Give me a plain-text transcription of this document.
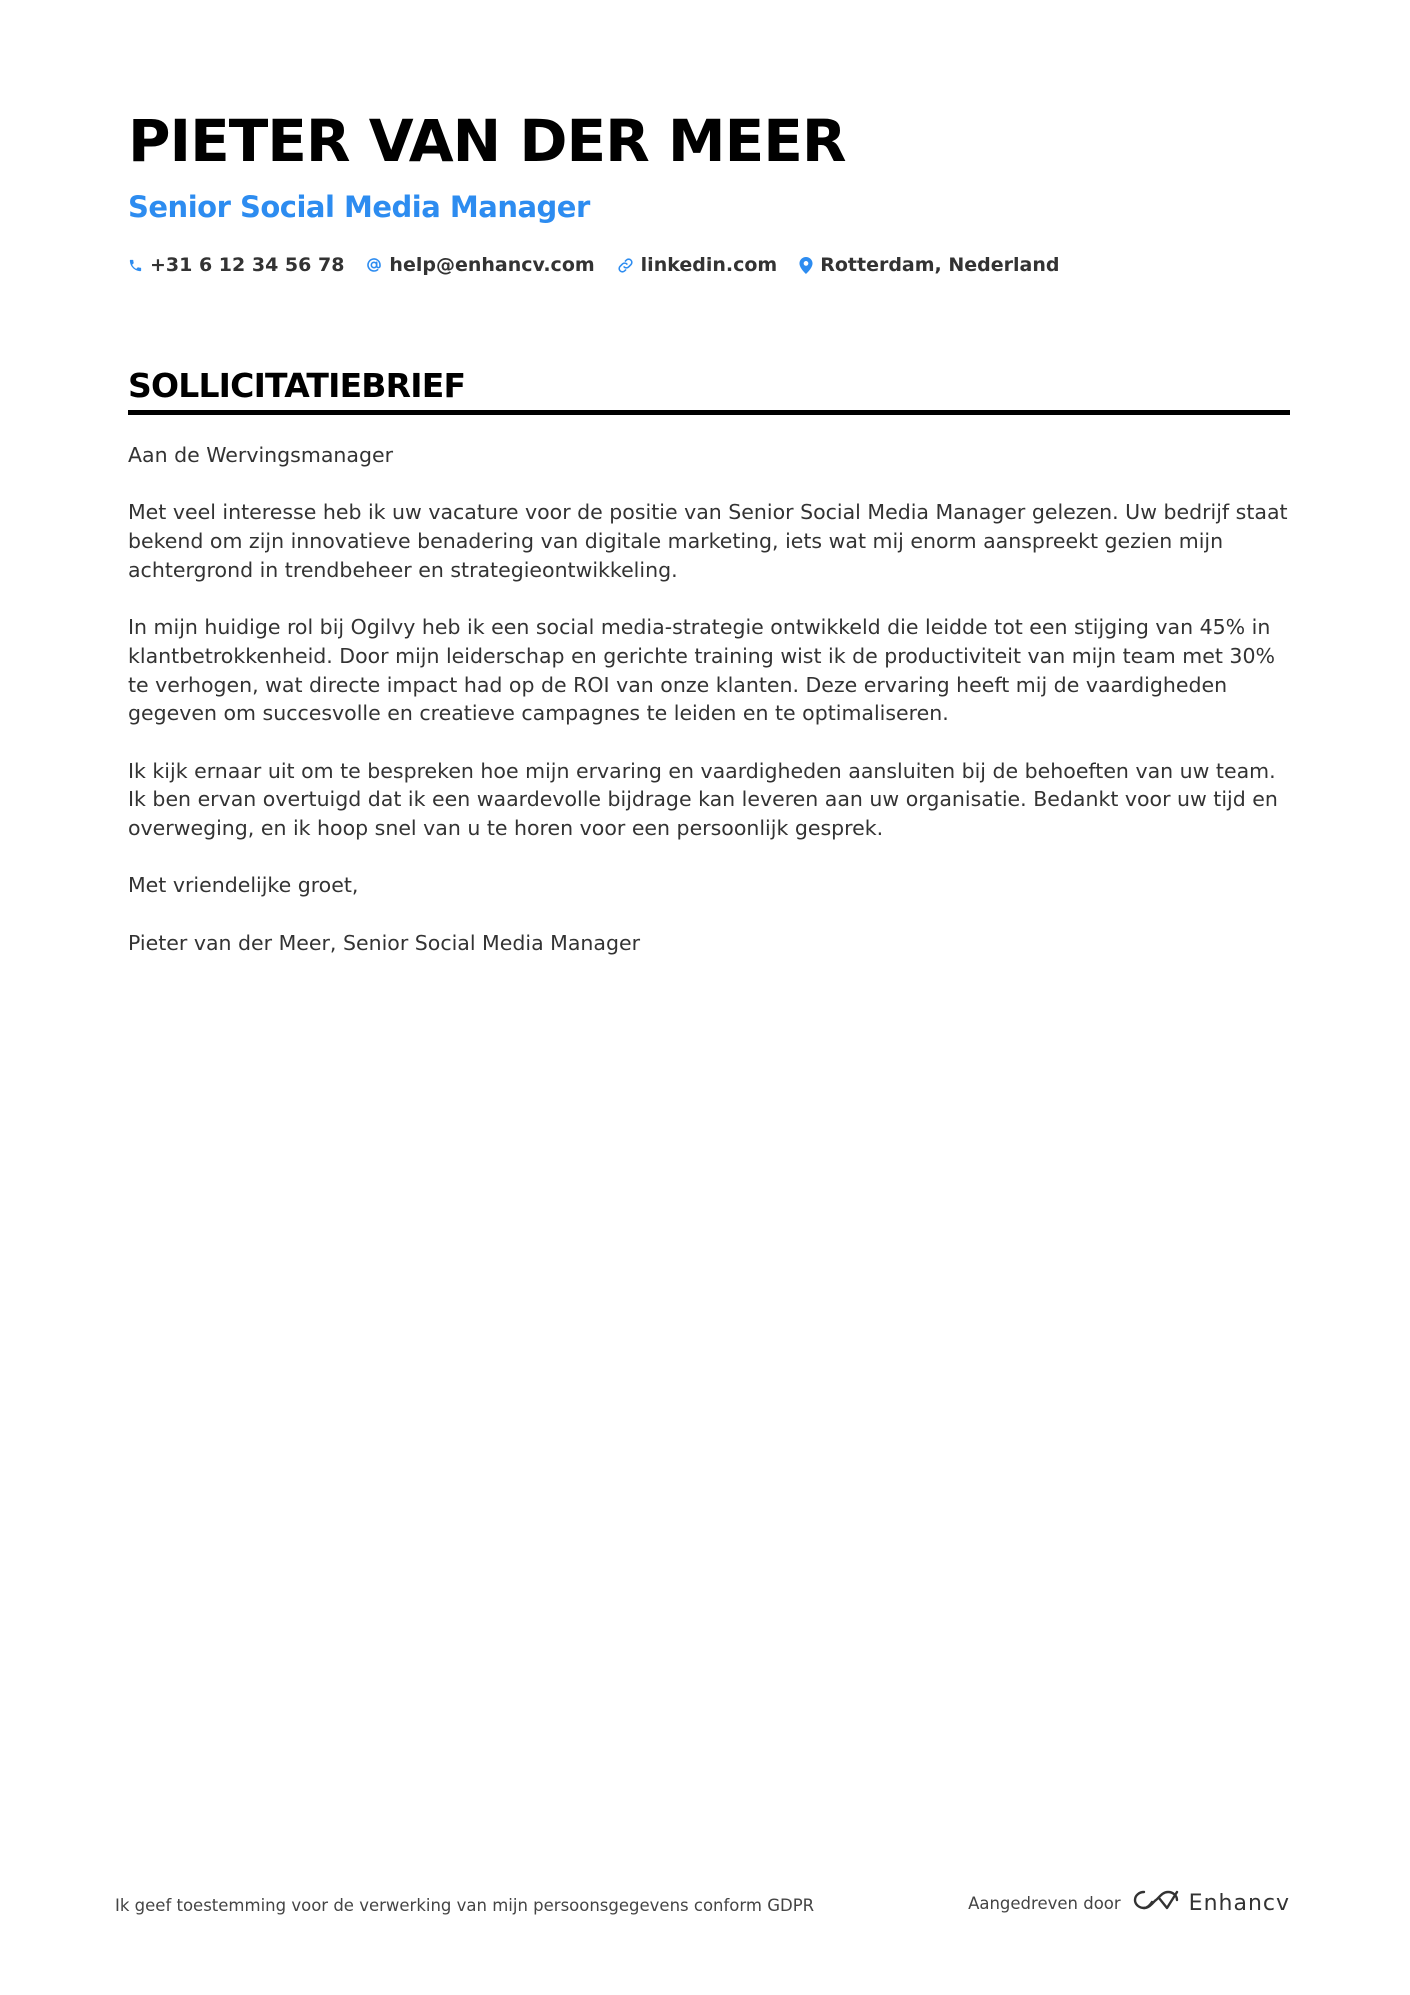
PIETER VAN DER MEER
Senior Social Media Manager
+31 6 12 34 56 78 help@enhancv.com linkedin.com Rotterdam, Nederland
SOLLICITATIEBRIEF

Aan de Wervingsmanager

Met veel interesse heb ik uw vacature voor de positie van Senior Social Media Manager gelezen. Uw bedrijf staat bekend om zijn innovatieve benadering van digitale marketing, iets wat mij enorm aanspreekt gezien mijn achtergrond in trendbeheer en strategieontwikkeling.

In mijn huidige rol bij Ogilvy heb ik een social media-strategie ontwikkeld die leidde tot een stijging van 45% in klantbetrokkenheid. Door mijn leiderschap en gerichte training wist ik de productiviteit van mijn team met 30% te verhogen, wat directe impact had op de ROI van onze klanten. Deze ervaring heeft mij de vaardigheden gegeven om succesvolle en creatieve campagnes te leiden en te optimaliseren.

Ik kijk ernaar uit om te bespreken hoe mijn ervaring en vaardigheden aansluiten bij de behoeften van uw team. Ik ben ervan overtuigd dat ik een waardevolle bijdrage kan leveren aan uw organisatie. Bedankt voor uw tijd en overweging, en ik hoop snel van u te horen voor een persoonlijk gesprek.

Met vriendelijke groet,

Pieter van der Meer, Senior Social Media Manager

Ik geef toestemming voor de verwerking van mijn persoonsgegevens conform GDPR	Aangedreven door	Enhancv
